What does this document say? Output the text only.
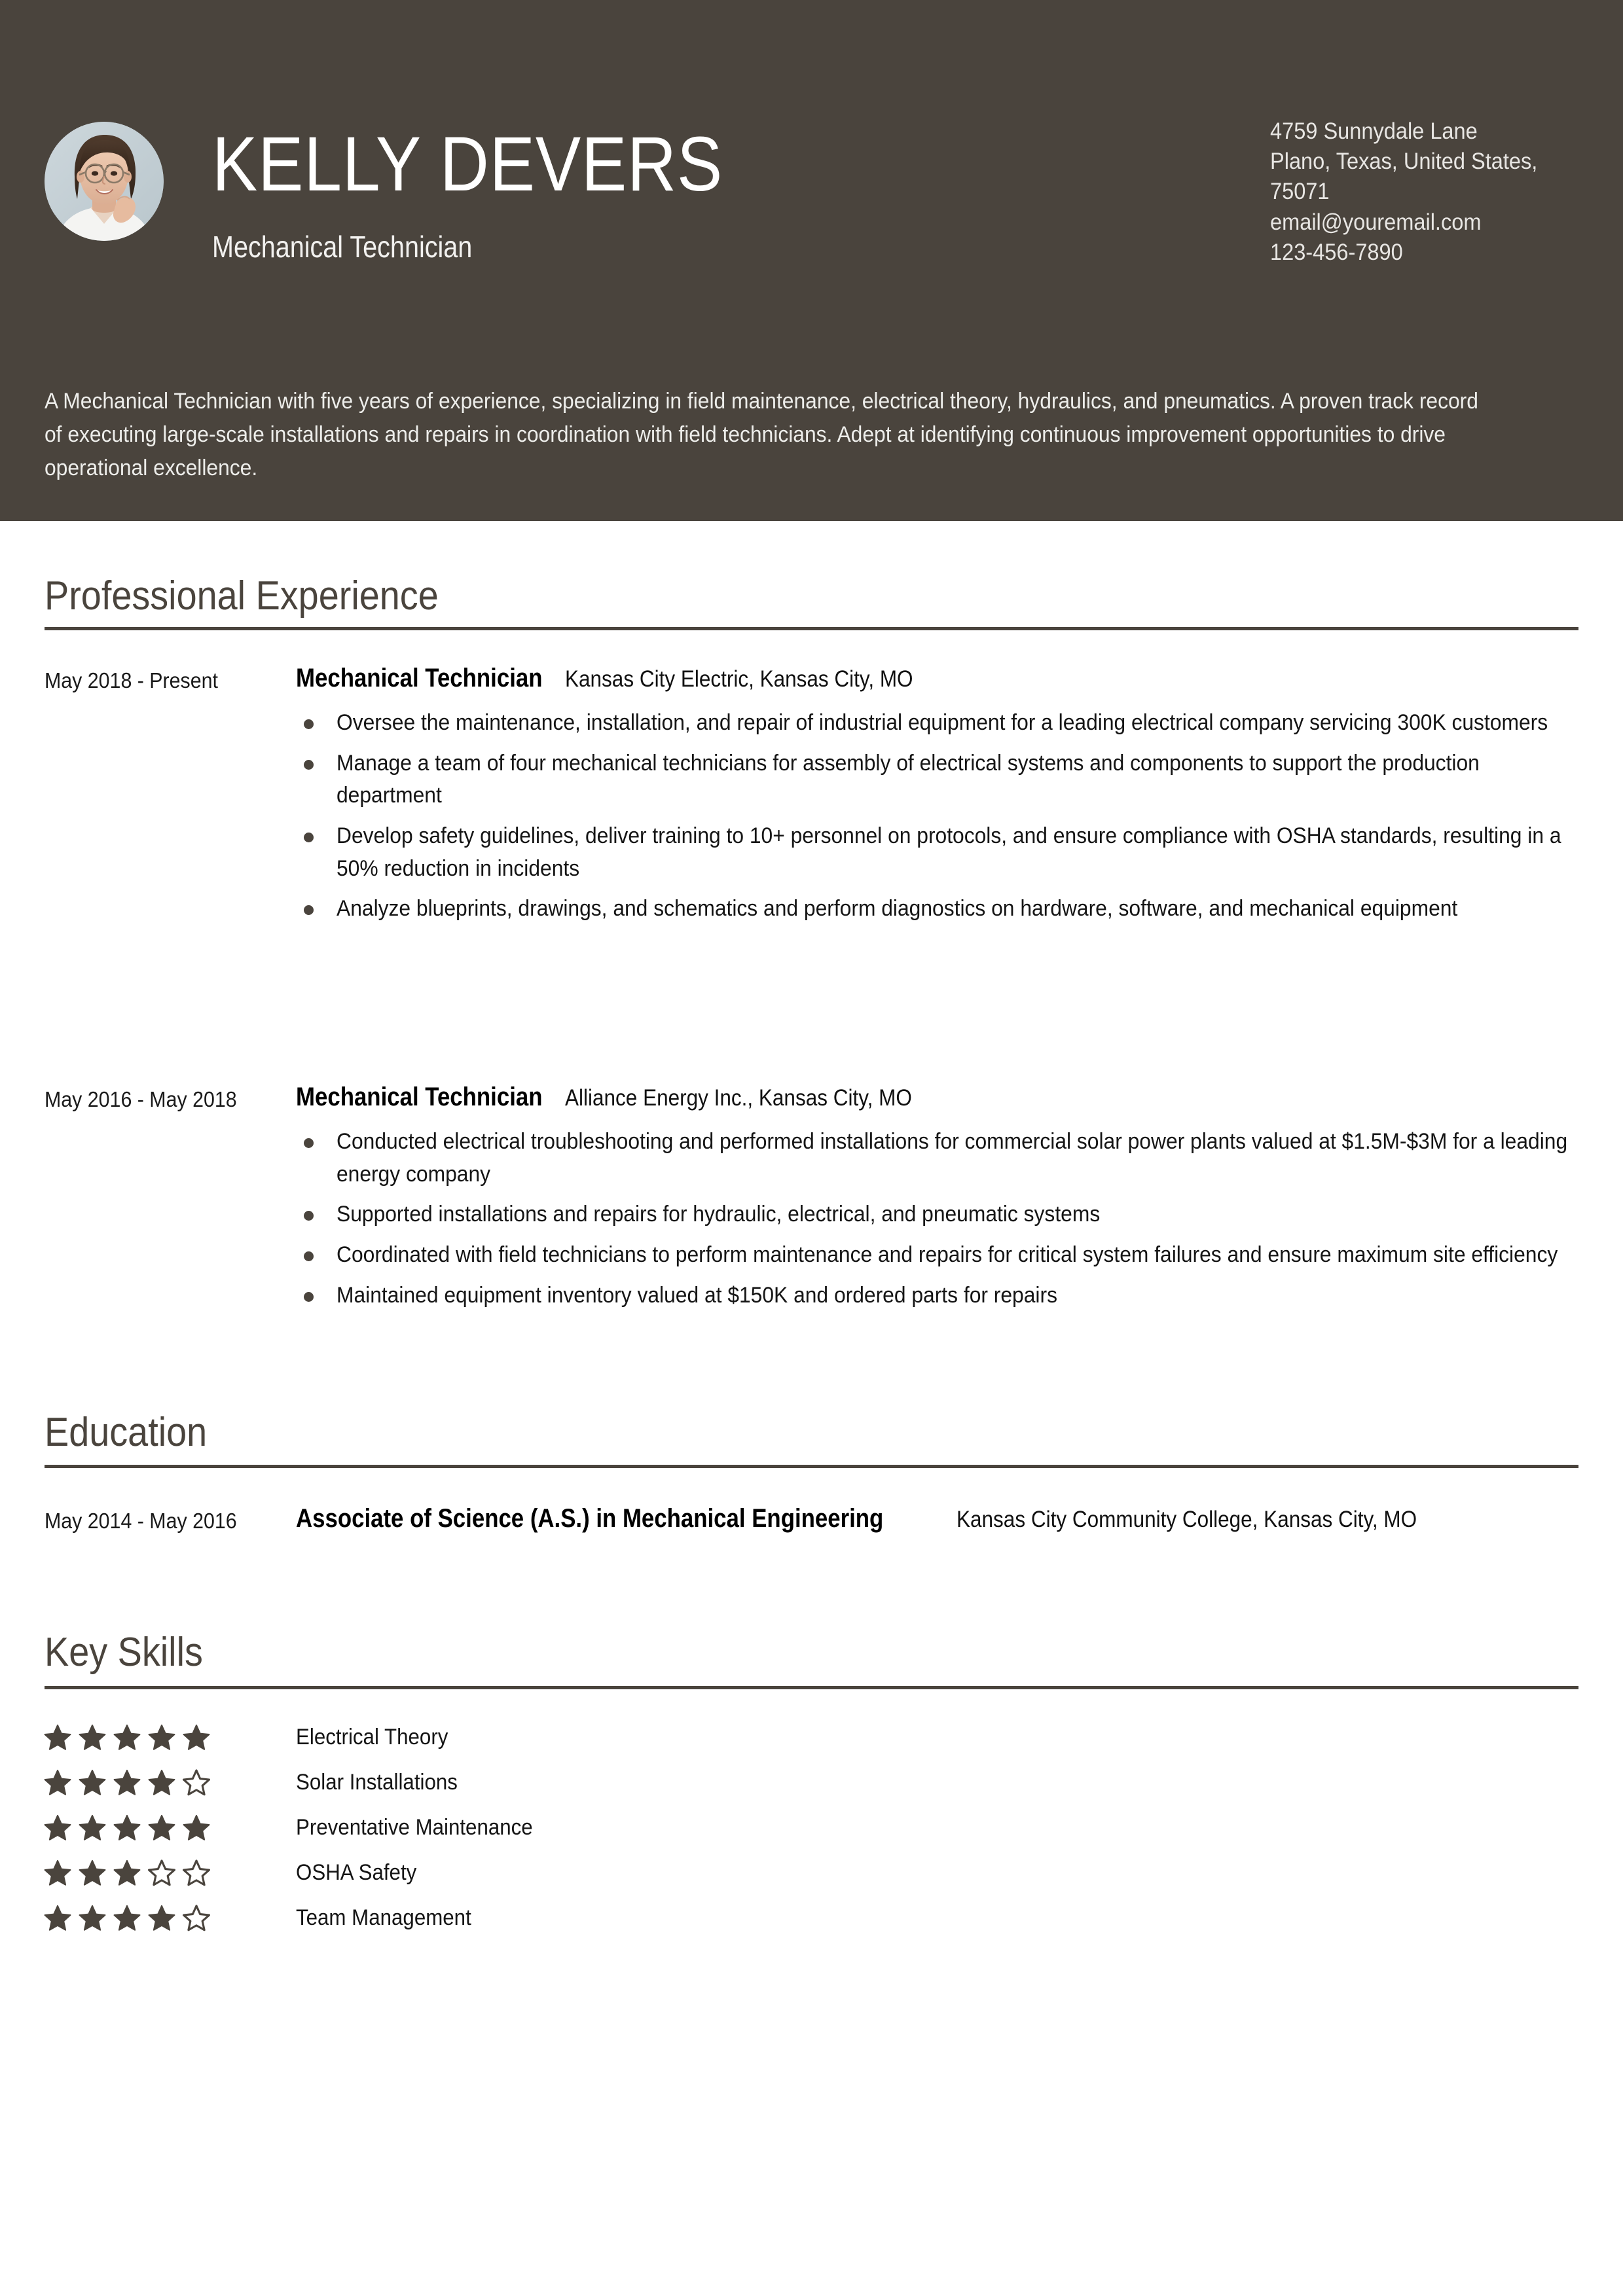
KELLY DEVERS
Mechanical Technician
4759 Sunnydale Lane
Plano, Texas, United States,
75071
email@youremail.com
123-456-7890
A Mechanical Technician with five years of experience, specializing in field maintenance, electrical theory, hydraulics, and pneumatics. A proven track record of executing large-scale installations and repairs in coordination with field technicians. Adept at identifying continuous improvement opportunities to drive operational excellence.
Professional Experience
May 2018 - Present	Mechanical Technician Kansas City Electric, Kansas City, MO
Oversee the maintenance, installation, and repair of industrial equipment for a leading electrical company servicing 300K customers
Manage a team of four mechanical technicians for assembly of electrical systems and components to support the production department
Develop safety guidelines, deliver training to 10+ personnel on protocols, and ensure compliance with OSHA standards, resulting in a 50% reduction in incidents
Analyze blueprints, drawings, and schematics and perform diagnostics on hardware, software, and mechanical equipment
May 2016 - May 2018 Mechanical Technician Alliance Energy Inc., Kansas City, MO
Conducted electrical troubleshooting and performed installations for commercial solar power plants valued at $1.5M-$3M for a leading energy company
Supported installations and repairs for hydraulic, electrical, and pneumatic systems
Coordinated with field technicians to perform maintenance and repairs for critical system failures and ensure maximum site efficiency
Maintained equipment inventory valued at $150K and ordered parts for repairs
Education
May 2014 - May 2016 Associate of Science (A.S.) in Mechanical Engineering	Kansas City Community College, Kansas City, MO
Key Skills
Electrical Theory
Solar Installations
Preventative Maintenance
OSHA Safety
Team Management
